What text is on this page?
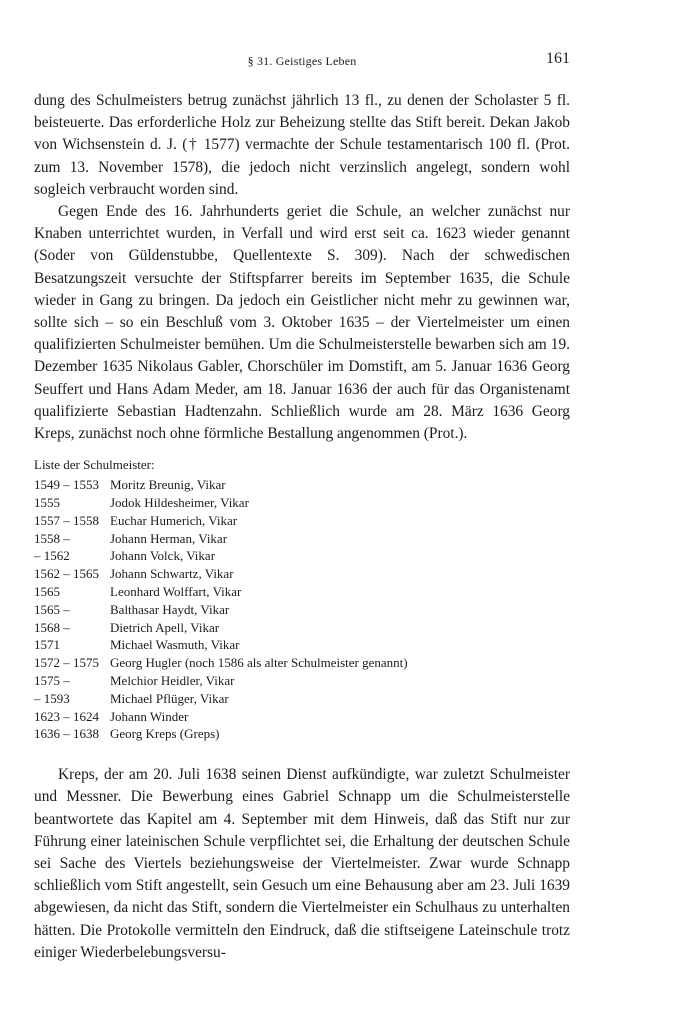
§ 31. Geistiges Leben	161

dung des Schulmeisters betrug zunächst jährlich 13 fl., zu denen der Scholaster 5 fl. beisteuerte. Das erforderliche Holz zur Beheizung stellte das Stift bereit. Dekan Jakob von Wichsenstein d. J. († 1577) vermachte der Schule testamentarisch 100 fl. (Prot. zum 13. November 1578), die jedoch nicht verzinslich angelegt, sondern wohl sogleich verbraucht worden sind.

Gegen Ende des 16. Jahrhunderts geriet die Schule, an welcher zunächst nur Knaben unterrichtet wurden, in Verfall und wird erst seit ca. 1623 wieder genannt (Soder von Güldenstubbe, Quellentexte S. 309). Nach der schwedischen Besatzungszeit versuchte der Stiftspfarrer bereits im September 1635, die Schule wieder in Gang zu bringen. Da jedoch ein Geistlicher nicht mehr zu gewinnen war, sollte sich – so ein Beschluß vom 3. Oktober 1635 – der Viertelmeister um einen qualifizierten Schulmeister bemühen. Um die Schulmeisterstelle bewarben sich am 19. Dezember 1635 Nikolaus Gabler, Chorschüler im Domstift, am 5. Januar 1636 Georg Seuffert und Hans Adam Meder, am 18. Januar 1636 der auch für das Organistenamt qualifizierte Sebastian Hadtenzahn. Schließlich wurde am 28. März 1636 Georg Kreps, zunächst noch ohne förmliche Bestallung angenommen (Prot.).

Liste der Schulmeister:
1549 – 1553 Moritz Breunig, Vikar
1555	Jodok Hildesheimer, Vikar
1557 – 1558 Euchar Humerich, Vikar
1558 –	Johann Herman, Vikar
– 1562	Johann Volck, Vikar
1562 – 1565 Johann Schwartz, Vikar
1565	Leonhard Wolffart, Vikar
1565 –	Balthasar Haydt, Vikar
1568 –	Dietrich Apell, Vikar
1571	Michael Wasmuth, Vikar
1572 – 1575 Georg Hugler (noch 1586 als alter Schulmeister genannt)
1575 –	Melchior Heidler, Vikar
– 1593	Michael Pflüger, Vikar
1623 – 1624 Johann Winder
1636 – 1638 Georg Kreps (Greps)

Kreps, der am 20. Juli 1638 seinen Dienst aufkündigte, war zuletzt Schulmeister und Messner. Die Bewerbung eines Gabriel Schnapp um die Schulmeisterstelle beantwortete das Kapitel am 4. September mit dem Hinweis, daß das Stift nur zur Führung einer lateinischen Schule verpflichtet sei, die Erhaltung der deutschen Schule sei Sache des Viertels beziehungsweise der Viertelmeister. Zwar wurde Schnapp schließlich vom Stift angestellt, sein Gesuch um eine Behausung aber am 23. Juli 1639 abgewiesen, da nicht das Stift, sondern die Viertelmeister ein Schulhaus zu unterhalten hätten. Die Protokolle vermitteln den Eindruck, daß die stiftseigene Lateinschule trotz einiger Wiederbelebungsversu-
